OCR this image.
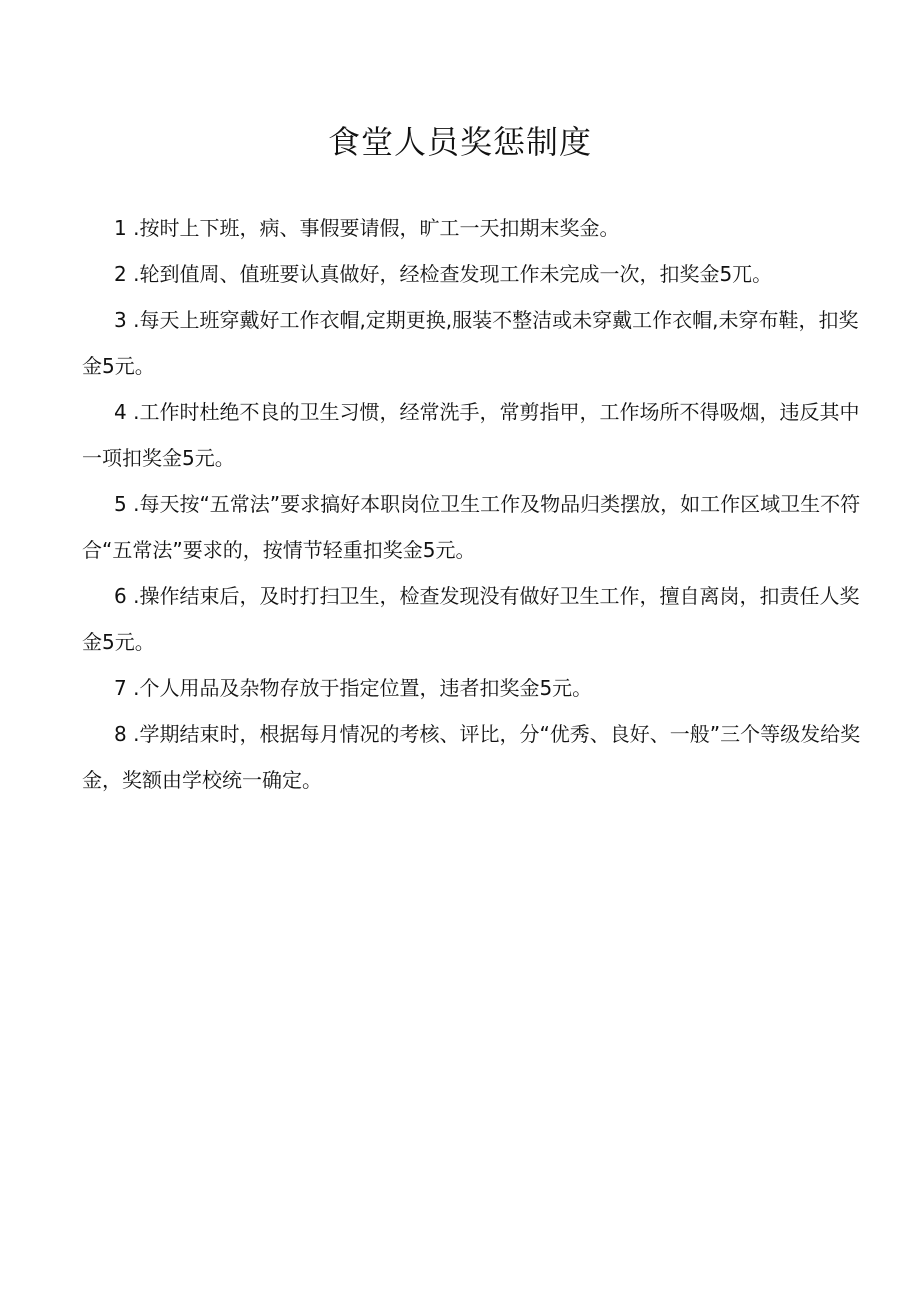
食堂人员奖惩制度

1 .按时上下班，病、事假要请假，旷工一天扣期末奖金。

2 .轮到值周、值班要认真做好，经检查发现工作未完成一次，扣奖金5兀。

3 .每天上班穿戴好工作衣帽,定期更换,服装不整洁或未穿戴工作衣帽,未穿布鞋，扣奖金5元。

4 .工作时杜绝不良的卫生习惯，经常洗手，常剪指甲，工作场所不得吸烟，违反其中一项扣奖金5元。

5 .每天按“五常法”要求搞好本职岗位卫生工作及物品归类摆放，如工作区域卫生不符合“五常法”要求的，按情节轻重扣奖金5元。

6 .操作结束后，及时打扫卫生，检查发现没有做好卫生工作，擅自离岗，扣责任人奖金5元。

7 .个人用品及杂物存放于指定位置，违者扣奖金5元。

8 .学期结束时，根据每月情况的考核、评比，分“优秀、良好、一般”三个等级发给奖金，奖额由学校统一确定。
